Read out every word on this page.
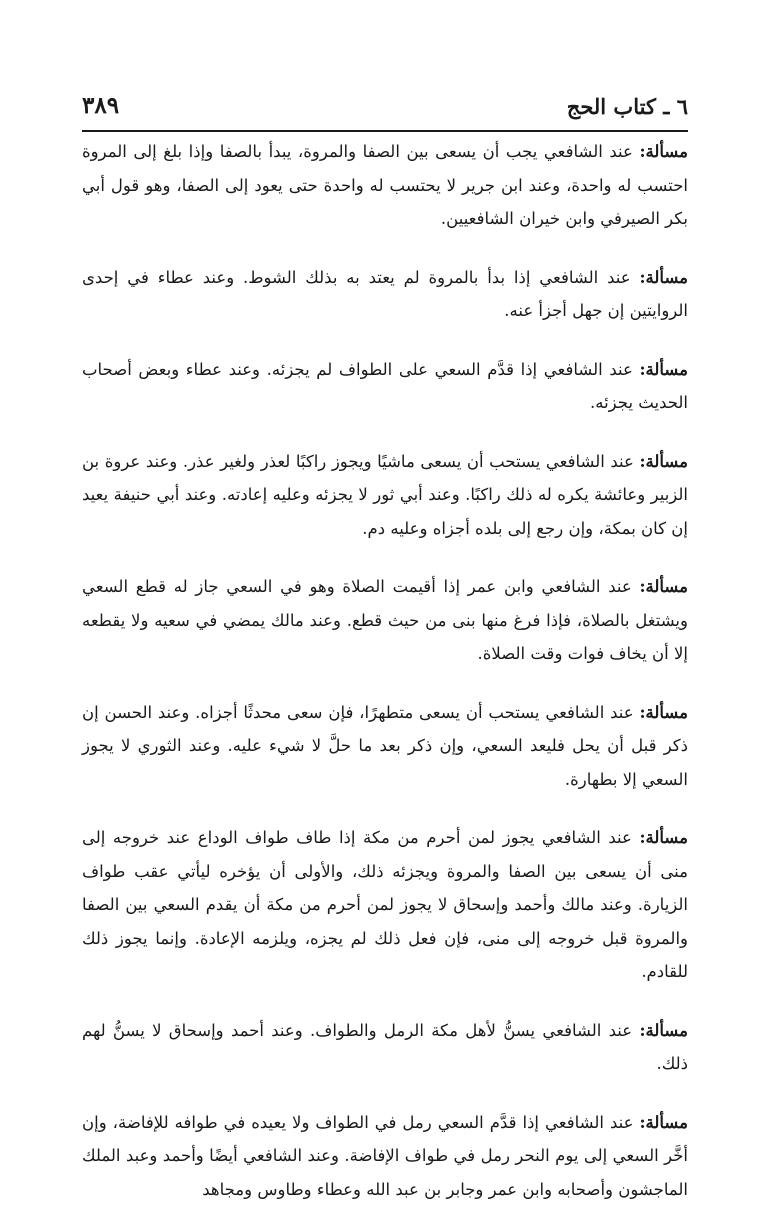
٦ ـ كتاب الحج
٣٨٩

مسألة: عند الشافعي يجب أن يسعى بين الصفا والمروة، يبدأ بالصفا وإذا بلغ إلى المروة احتسب له واحدة، وعند ابن جرير لا يحتسب له واحدة حتى يعود إلى الصفا، وهو قول أبي بكر الصيرفي وابن خيران الشافعيين.

مسألة: عند الشافعي إذا بدأ بالمروة لم يعتد به بذلك الشوط. وعند عطاء في إحدى الروايتين إن جهل أجزأ عنه.

مسألة: عند الشافعي إذا قدَّم السعي على الطواف لم يجزئه. وعند عطاء وبعض أصحاب الحديث يجزئه.

مسألة: عند الشافعي يستحب أن يسعى ماشيًا ويجوز راكبًا لعذر ولغير عذر. وعند عروة بن الزبير وعائشة يكره له ذلك راكبًا. وعند أبي ثور لا يجزئه وعليه إعادته. وعند أبي حنيفة يعيد إن كان بمكة، وإن رجع إلى بلده أجزاه وعليه دم.

مسألة: عند الشافعي وابن عمر إذا أقيمت الصلاة وهو في السعي جاز له قطع السعي ويشتغل بالصلاة، فإذا فرغ منها بنى من حيث قطع. وعند مالك يمضي في سعيه ولا يقطعه إلا أن يخاف فوات وقت الصلاة.

مسألة: عند الشافعي يستحب أن يسعى متطهرًا، فإن سعى محدثًا أجزاه. وعند الحسن إن ذكر قبل أن يحل فليعد السعي، وإن ذكر بعد ما حلَّ لا شيء عليه. وعند الثوري لا يجوز السعي إلا بطهارة.

مسألة: عند الشافعي يجوز لمن أحرم من مكة إذا طاف طواف الوداع عند خروجه إلى منى أن يسعى بين الصفا والمروة ويجزئه ذلك، والأولى أن يؤخره ليأتي عقب طواف الزيارة. وعند مالك وأحمد وإسحاق لا يجوز لمن أحرم من مكة أن يقدم السعي بين الصفا والمروة قبل خروجه إلى منى، فإن فعل ذلك لم يجزه، ويلزمه الإعادة. وإنما يجوز ذلك للقادم.

مسألة: عند الشافعي يسنُّ لأهل مكة الرمل والطواف. وعند أحمد وإسحاق لا يسنُّ لهم ذلك.

مسألة: عند الشافعي إذا قدَّم السعي رمل في الطواف ولا يعيده في طوافه للإفاضة، وإن أخَّر السعي إلى يوم النحر رمل في طواف الإفاضة. وعند الشافعي أيضًا وأحمد وعبد الملك الماجشون وأصحابه وابن عمر وجابر بن عبد الله وعطاء وطاوس ومجاهد
